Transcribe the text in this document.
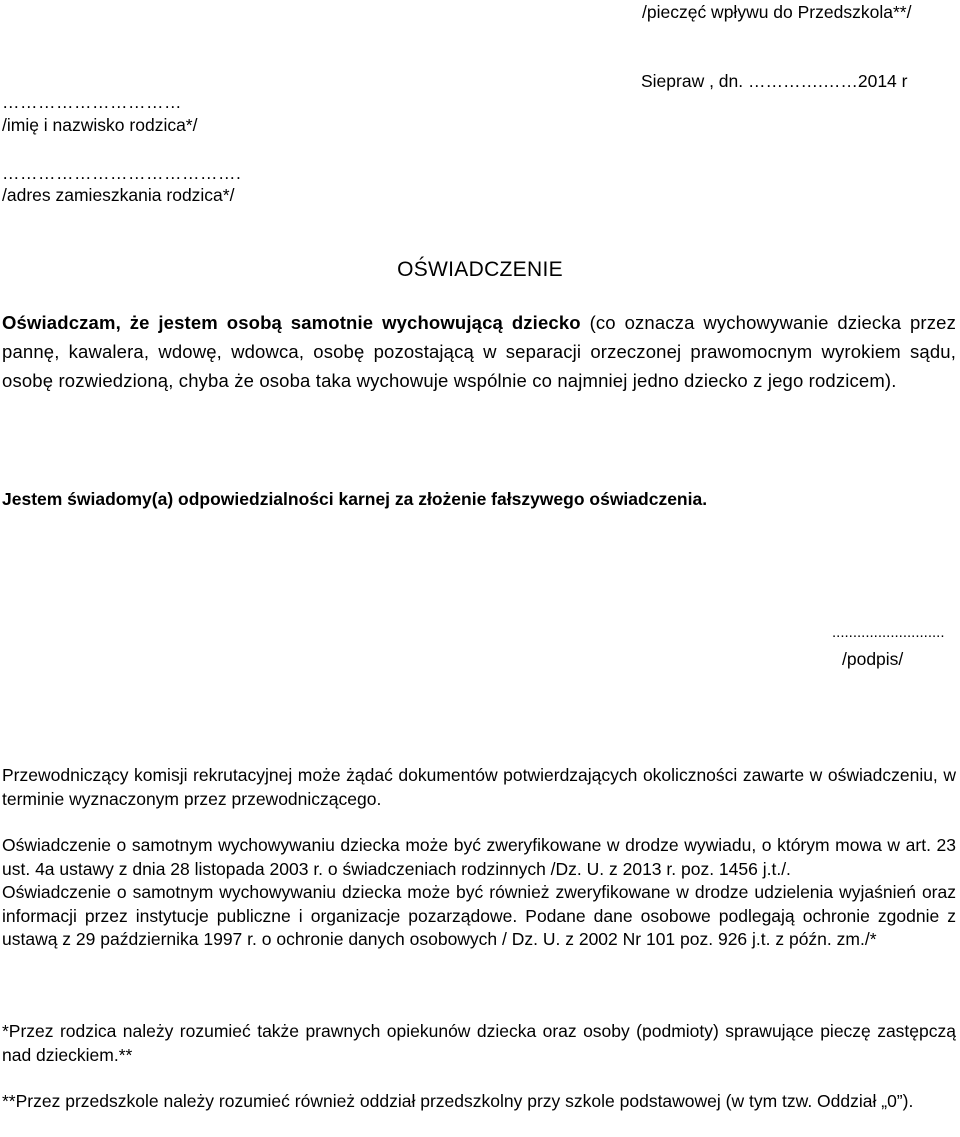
/pieczęć wpływu do Przedszkola**/
Siepraw , dn. ………….……2014 r
…………………………
/imię i nazwisko rodzica*/
………………………………….
/adres zamieszkania rodzica*/
OŚWIADCZENIE
Oświadczam, że jestem osobą samotnie wychowującą dziecko (co oznacza wychowywanie dziecka przez pannę, kawalera, wdowę, wdowca, osobę pozostającą w separacji orzeczonej prawomocnym wyrokiem sądu, osobę rozwiedzioną, chyba że osoba taka wychowuje wspólnie co najmniej jedno dziecko z jego rodzicem).
Jestem świadomy(a) odpowiedzialności karnej za złożenie fałszywego oświadczenia.
...........................
/podpis/
Przewodniczący komisji rekrutacyjnej może żądać dokumentów potwierdzających okoliczności zawarte w oświadczeniu, w terminie wyznaczonym przez przewodniczącego.
Oświadczenie o samotnym wychowywaniu dziecka może być zweryfikowane w drodze wywiadu, o którym mowa w art. 23 ust. 4a ustawy z dnia 28 listopada 2003 r. o świadczeniach rodzinnych /Dz. U. z 2013 r. poz. 1456 j.t./.
Oświadczenie o samotnym wychowywaniu dziecka może być również zweryfikowane w drodze udzielenia wyjaśnień oraz informacji przez instytucje publiczne i organizacje pozarządowe. Podane dane osobowe podlegają ochronie zgodnie z ustawą z 29 października 1997 r. o ochronie danych osobowych / Dz. U. z 2002 Nr 101 poz. 926 j.t. z późn. zm./*
*Przez rodzica należy rozumieć także prawnych opiekunów dziecka oraz osoby (podmioty) sprawujące pieczę zastępczą nad dzieckiem.**
**Przez przedszkole należy rozumieć również oddział przedszkolny przy szkole podstawowej (w tym tzw. Oddział „0”).
